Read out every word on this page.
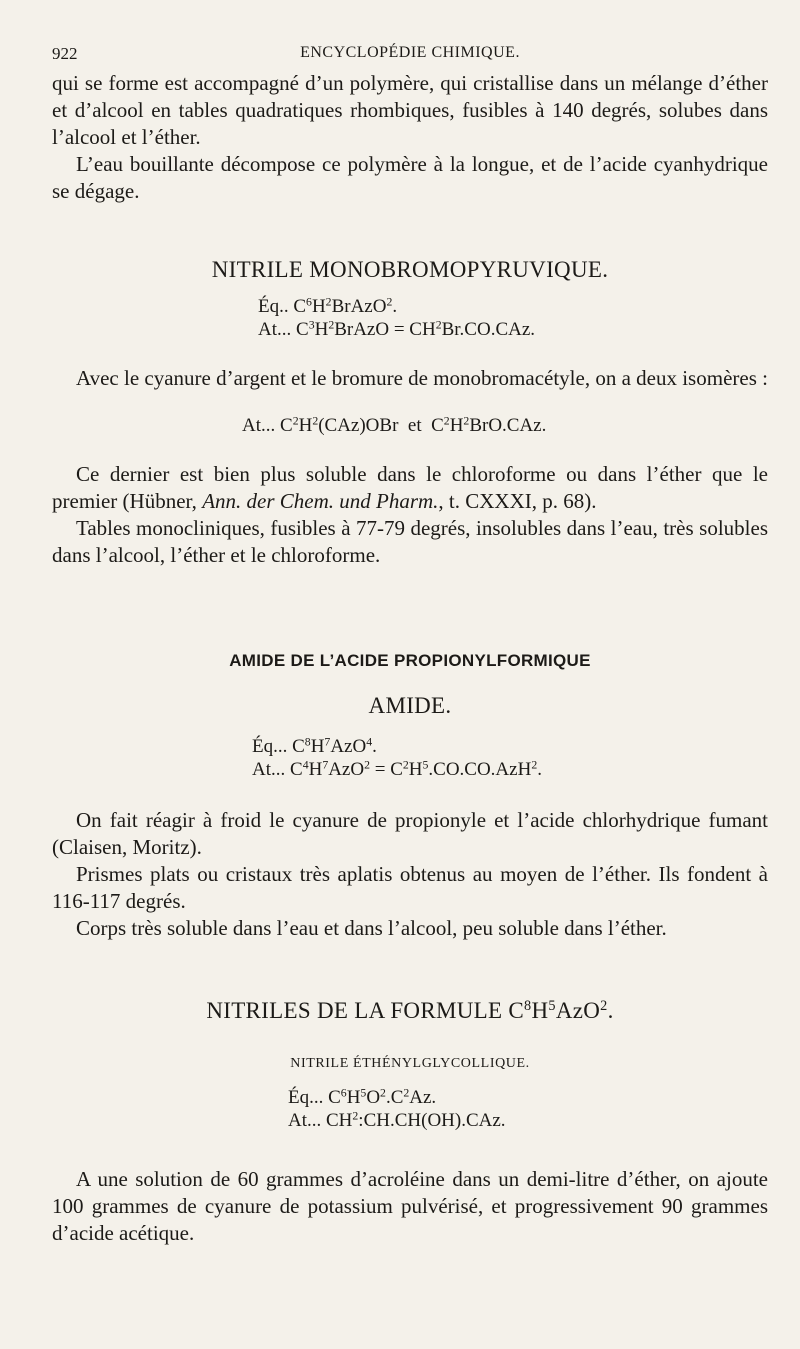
922	ENCYCLOPÉDIE CHIMIQUE.

qui se forme est accompagné d’un polymère, qui cristallise dans un mélange d’éther et d’alcool en tables quadratiques rhombiques, fusibles à 140 degrés, solubes dans l’alcool et l’éther.

L’eau bouillante décompose ce polymère à la longue, et de l’acide cyanhydrique se dégage.

NITRILE MONOBROMOPYRUVIQUE.
Éq.. $C^6H^2BrAzO^2$.
At... $C^3H^2BrAzO = CH^2Br.CO.CAz$.

Avec le cyanure d’argent et le bromure de monobromacétyle, on a deux isomères :

At... $C^2H^2(CAz)OBr$  et  $C^2H^2BrO.CAz$.

Ce dernier est bien plus soluble dans le chloroforme ou dans l’éther que le premier (Hübner, Ann. der Chem. und Pharm., t. CXXXI, p. 68).

Tables monocliniques, fusibles à 77-79 degrés, insolubles dans l’eau, très solubles dans l’alcool, l’éther et le chloroforme.

AMIDE DE L’ACIDE PROPIONYLFORMIQUE
AMIDE.
Éq... $C^8H^7AzO^4$.
At... $C^4H^7AzO^2 = C^2H^5.CO.CO.AzH^2$.

On fait réagir à froid le cyanure de propionyle et l’acide chlorhydrique fumant (Claisen, Moritz).

Prismes plats ou cristaux très aplatis obtenus au moyen de l’éther. Ils fondent à 116-117 degrés.

Corps très soluble dans l’eau et dans l’alcool, peu soluble dans l’éther.

NITRILES DE LA FORMULE $C^8H^5AzO^2$.
NITRILE ÉTHÉNYLGLYCOLLIQUE.
Éq... $C^6H^5O^2.C^2Az$.
At... $CH^2:CH.CH(OH).CAz$.

A une solution de 60 grammes d’acroléine dans un demi-litre d’éther, on ajoute 100 grammes de cyanure de potassium pulvérisé, et progressivement 90 grammes d’acide acétique.
